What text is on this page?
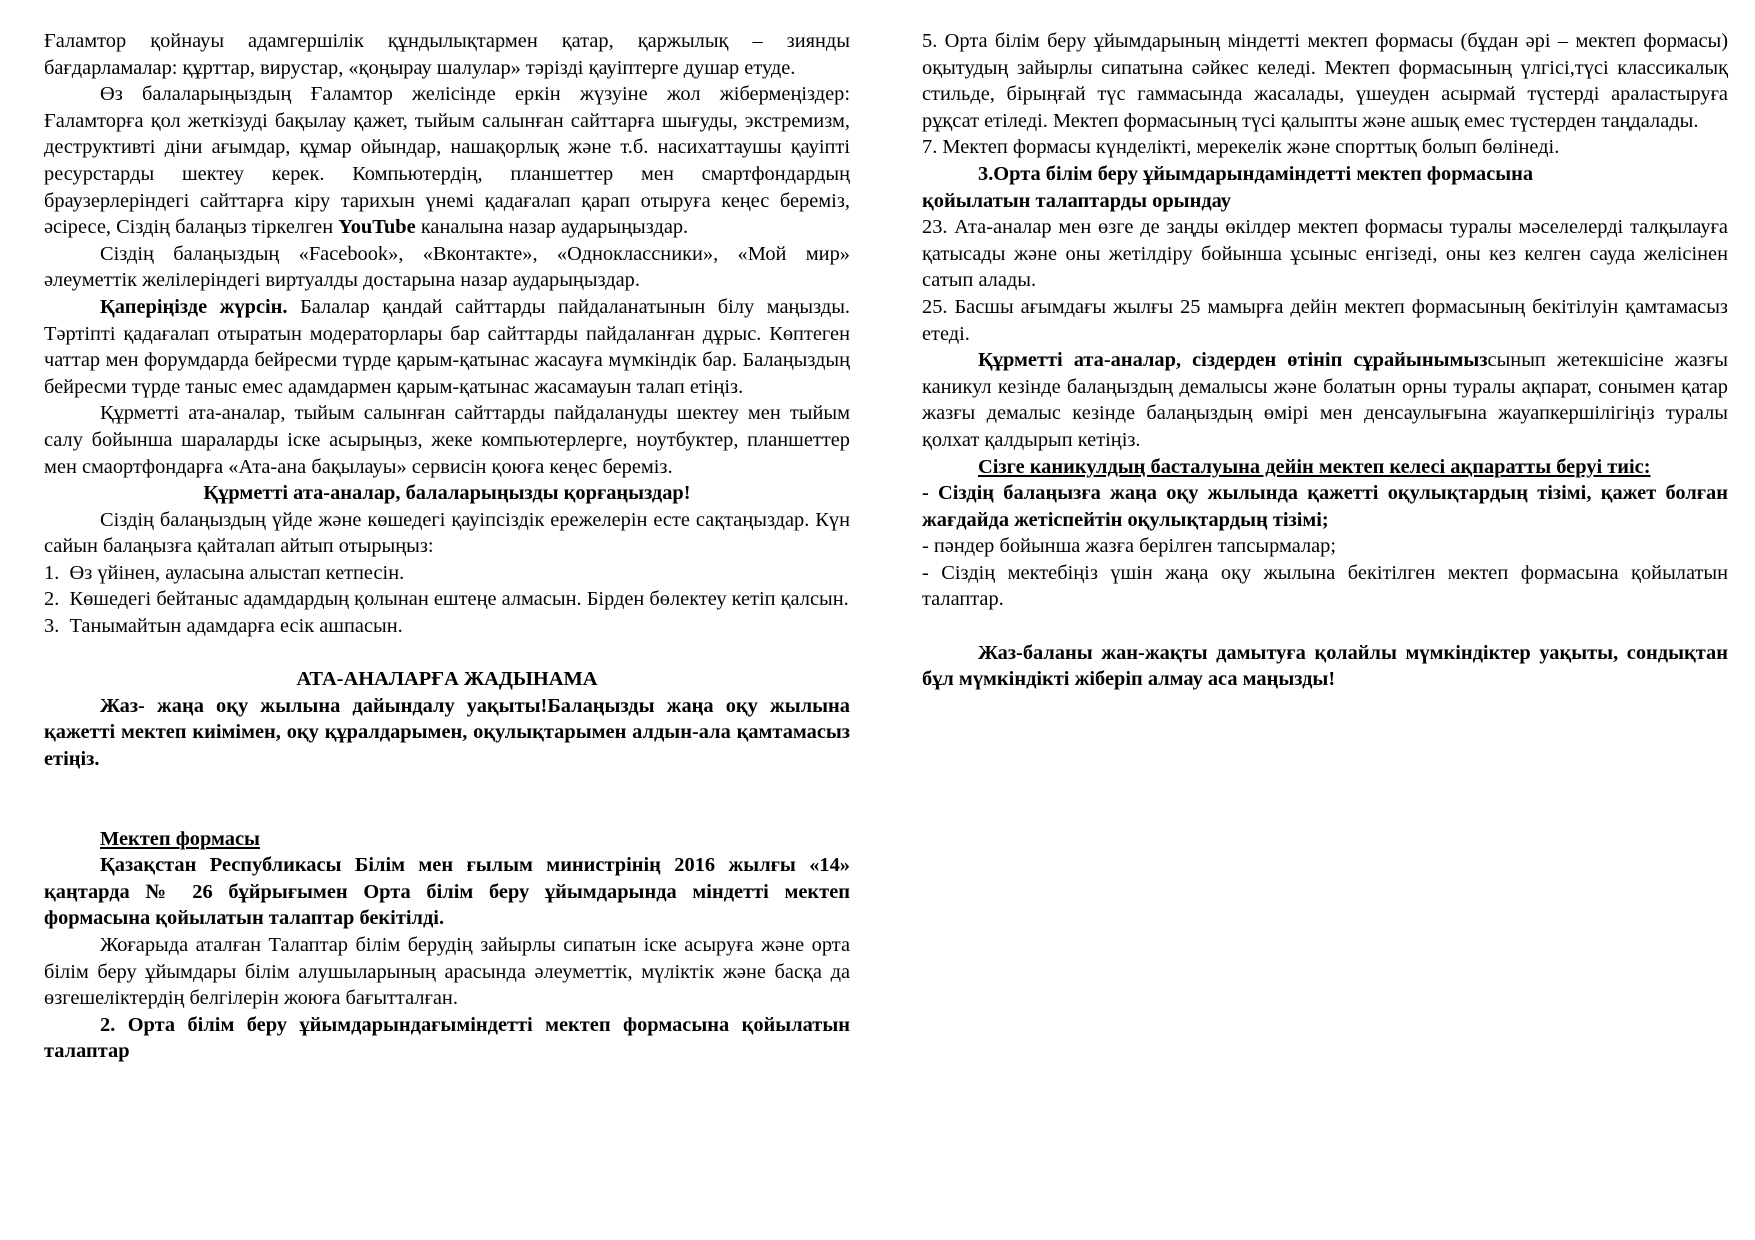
Ғаламтор қойнауы адамгершілік құндылықтармен қатар, қаржылық – зиянды бағдарламалар: құрттар, вирустар, «қоңырау шалулар» тәрізді қауіптерге душар етуде.

Өз балаларыңыздың Ғаламтор желісінде еркін жүзуіне жол жібермеңіздер: Ғаламторға қол жеткізуді бақылау қажет, тыйым салынған сайттарға шығуды, экстремизм, деструктивті діни ағымдар, құмар ойындар, нашақорлық және т.б. насихаттаушы қауіпті ресурстарды шектеу керек. Компьютердің, планшеттер мен смартфондардың браузерлеріндегі сайттарға кіру тарихын үнемі қадағалап қарап отыруға кеңес береміз, әсіресе, Сіздің балаңыз тіркелген YouTube каналына назар аударыңыздар.

Сіздің балаңыздың «Facebook», «Вконтакте», «Одноклассники», «Мой мир» әлеуметтік желілеріндегі виртуалды достарына назар аударыңыздар.

Қаперіңізде жүрсін. Балалар қандай сайттарды пайдаланатынын білу маңызды. Тәртіпті қадағалап отыратын модераторлары бар сайттарды пайдаланған дұрыс. Көптеген чаттар мен форумдарда бейресми түрде қарым-қатынас жасауға мүмкіндік бар. Балаңыздың бейресми түрде таныс емес адамдармен қарым-қатынас жасамауын талап етіңіз.

Құрметті ата-аналар, тыйым салынған сайттарды пайдалануды шектеу мен тыйым салу бойынша шараларды іске асырыңыз, жеке компьютерлерге, ноутбуктер, планшеттер мен смаортфондарға «Ата-ана бақылауы» сервисін қоюға кеңес береміз.

Құрметті ата-аналар, балаларыңызды қорғаңыздар!

Сіздің балаңыздың үйде және көшедегі қауіпсіздік ережелерін есте сақтаңыздар. Күн сайын балаңызға қайталап айтып отырыңыз:

1.  Өз үйінен, ауласына алыстап кетпесін.

2.  Көшедегі бейтаныс адамдардың қолынан ештеңе алмасын. Бірден бөлектеу кетіп қалсын.

3.  Танымайтын адамдарға есік ашпасын.

АТА-АНАЛАРҒА ЖАДЫНАМА

Жаз- жаңа оқу жылына дайындалу уақыты!Балаңызды жаңа оқу жылына қажетті мектеп киімімен, оқу құралдарымен, оқулықтарымен алдын-ала қамтамасыз етіңіз.

Мектеп формасы

Қазақстан Республикасы Білім мен ғылым министрінің 2016 жылғы «14» қаңтарда № 26 бұйрығымен Орта білім беру ұйымдарында міндетті мектеп формасына қойылатын талаптар бекітілді.

Жоғарыда аталған Талаптар білім берудің зайырлы сипатын іске асыруға және орта білім беру ұйымдары білім алушыларының арасында әлеуметтік, мүліктік және басқа да өзгешеліктердің белгілерін жоюға бағытталған.

2. Орта білім беру ұйымдарындағыміндетті мектеп формасына қойылатын талаптар

5. Орта білім беру ұйымдарының міндетті мектеп формасы (бұдан әрі – мектеп формасы) оқытудың зайырлы сипатына сәйкес келеді. Мектеп формасының үлгісі,түсі классикалық стильде, бірыңғай түс гаммасында жасалады, үшеуден асырмай түстерді араластыруға рұқсат етіледі. Мектеп формасының түсі қалыпты және ашық емес түстерден таңдалады.

7. Мектеп формасы күнделікті, мерекелік және спорттық болып бөлінеді.

3.Орта білім беру ұйымдарындаміндетті мектеп формасына

қойылатын талаптарды орындау

23. Ата-аналар мен өзге де заңды өкілдер мектеп формасы туралы мәселелерді талқылауға қатысады және оны жетілдіру бойынша ұсыныс енгізеді, оны кез келген сауда желісінен сатып алады.

25. Басшы ағымдағы жылғы 25 мамырға дейін мектеп формасының бекітілуін қамтамасыз етеді.

Құрметті ата-аналар, сіздерден өтініп сұрайынымызсынып жетекшісіне жазғы каникул кезінде балаңыздың демалысы және болатын орны туралы ақпарат, сонымен қатар жазғы демалыс кезінде балаңыздың өмірі мен денсаулығына жауапкершілігіңіз туралы қолхат қалдырып кетіңіз.

Сізге каникулдың басталуына дейін мектеп келесі ақпаратты беруі тиіс:

- Сіздің балаңызға жаңа оқу жылында қажетті оқулықтардың тізімі, қажет болған жағдайда жетіспейтін оқулықтардың тізімі;

- пәндер бойынша жазға берілген тапсырмалар;

- Сіздің мектебіңіз үшін жаңа оқу жылына бекітілген мектеп формасына қойылатын талаптар.

Жаз-баланы жан-жақты дамытуға қолайлы мүмкіндіктер уақыты, сондықтан бұл мүмкіндікті жіберіп алмау аса маңызды!
